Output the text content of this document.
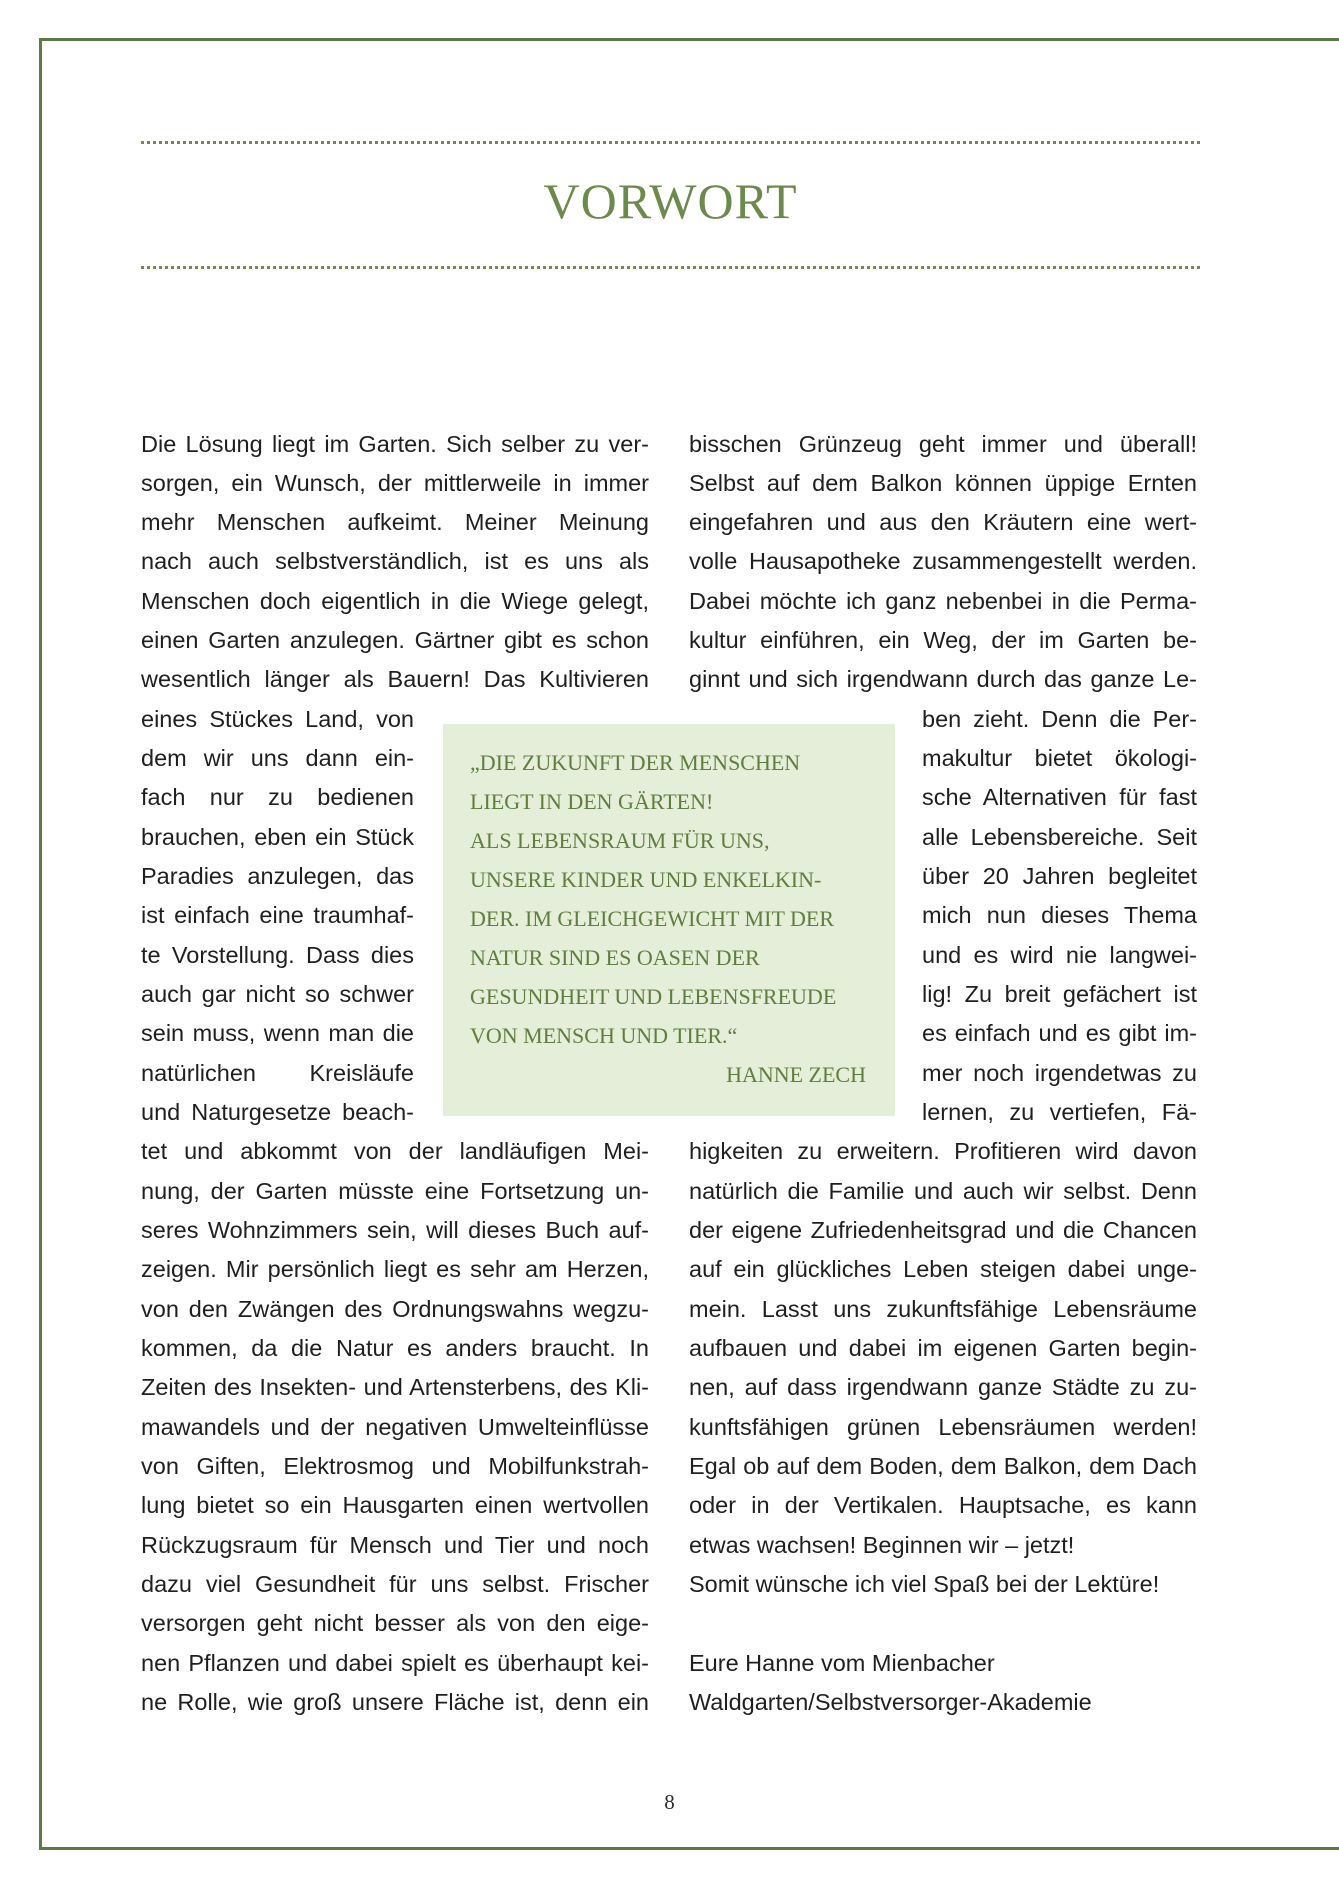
VORWORT
Die Lösung liegt im Garten. Sich selber zu ver-
sorgen, ein Wunsch, der mittlerweile in immer
mehr Menschen aufkeimt. Meiner Meinung
nach auch selbstverständlich, ist es uns als
Menschen doch eigentlich in die Wiege gelegt,
einen Garten anzulegen. Gärtner gibt es schon
wesentlich länger als Bauern! Das Kultivieren
eines Stückes Land, von
dem wir uns dann ein-
fach nur zu bedienen
brauchen, eben ein Stück
Paradies anzulegen, das
ist einfach eine traumhaf-
te Vorstellung. Dass dies
auch gar nicht so schwer
sein muss, wenn man die
natürlichen Kreisläufe
und Naturgesetze beach-
tet und abkommt von der landläufigen Mei-
nung, der Garten müsste eine Fortsetzung un-
seres Wohnzimmers sein, will dieses Buch auf-
zeigen. Mir persönlich liegt es sehr am Herzen,
von den Zwängen des Ordnungswahns wegzu-
kommen, da die Natur es anders braucht. In
Zeiten des Insekten- und Artensterbens, des Kli-
mawandels und der negativen Umwelteinflüsse
von Giften, Elektrosmog und Mobilfunkstrah-
lung bietet so ein Hausgarten einen wertvollen
Rückzugsraum für Mensch und Tier und noch
dazu viel Gesundheit für uns selbst. Frischer
versorgen geht nicht besser als von den eige-
nen Pflanzen und dabei spielt es überhaupt kei-
ne Rolle, wie groß unsere Fläche ist, denn ein
bisschen Grünzeug geht immer und überall!
Selbst auf dem Balkon können üppige Ernten
eingefahren und aus den Kräutern eine wert-
volle Hausapotheke zusammengestellt werden.
Dabei möchte ich ganz nebenbei in die Perma-
kultur einführen, ein Weg, der im Garten be-
ginnt und sich irgendwann durch das ganze Le-
ben zieht. Denn die Per-
makultur bietet ökologi-
sche Alternativen für fast
alle Lebensbereiche. Seit
über 20 Jahren begleitet
mich nun dieses Thema
und es wird nie langwei-
lig! Zu breit gefächert ist
es einfach und es gibt im-
mer noch irgendetwas zu
lernen, zu vertiefen, Fä-
higkeiten zu erweitern. Profitieren wird davon
natürlich die Familie und auch wir selbst. Denn
der eigene Zufriedenheitsgrad und die Chancen
auf ein glückliches Leben steigen dabei unge-
mein. Lasst uns zukunftsfähige Lebensräume
aufbauen und dabei im eigenen Garten begin-
nen, auf dass irgendwann ganze Städte zu zu-
kunftsfähigen grünen Lebensräumen werden!
Egal ob auf dem Boden, dem Balkon, dem Dach
oder in der Vertikalen. Hauptsache, es kann
etwas wachsen! Beginnen wir – jetzt!
Somit wünsche ich viel Spaß bei der Lektüre!
Eure Hanne vom Mienbacher
Waldgarten/Selbstversorger-Akademie
„DIE ZUKUNFT DER MENSCHEN
LIEGT IN DEN GÄRTEN!
ALS LEBENSRAUM FÜR UNS,
UNSERE KINDER UND ENKELKIN-
DER. IM GLEICHGEWICHT MIT DER
NATUR SIND ES OASEN DER
GESUNDHEIT UND LEBENSFREUDE
VON MENSCH UND TIER.“
HANNE ZECH
8
